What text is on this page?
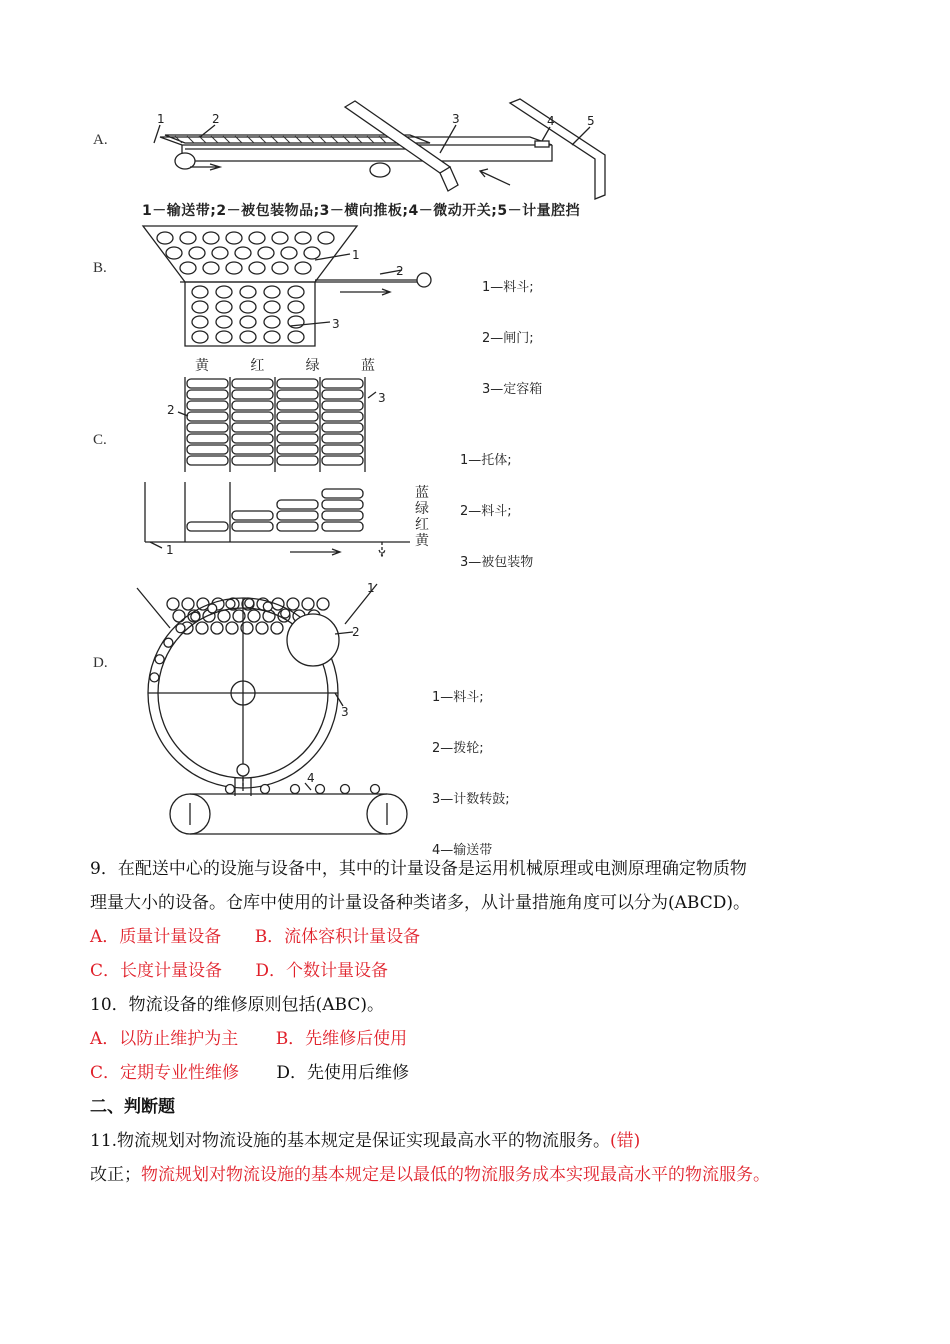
A.
1	2	3	4	5
1－输送带;2－被包装物品;3－横向推板;4－微动开关;5－计量腔挡
B.
1
2
3

1—料斗;

2—闸门;

3—定容箱

黄	红	绿	蓝
C.
2
3
1
蓝
绿
红
黄

1—托体;

2—料斗;

3—被包装物

D.
1
2
3
4

1—料斗;

2—拨轮;

3—计数转鼓;

4—输送带

9．在配送中心的设施与设备中，其中的计量设备是运用机械原理或电测原理确定物质物
理量大小的设备。仓库中使用的计量设备种类诸多，从计量措施角度可以分为(ABCD)。
A．质量计量设备 B．流体容积计量设备
C．长度计量设备 D．个数计量设备
10．物流设备的维修原则包括(ABC)。
A．以防止维护为主 B．先维修后使用
C．定期专业性维修 D．先使用后维修
二、判断题
11.物流规划对物流设施的基本规定是保证实现最高水平的物流服务。(错)
改正；物流规划对物流设施的基本规定是以最低的物流服务成本实现最高水平的物流服务。
